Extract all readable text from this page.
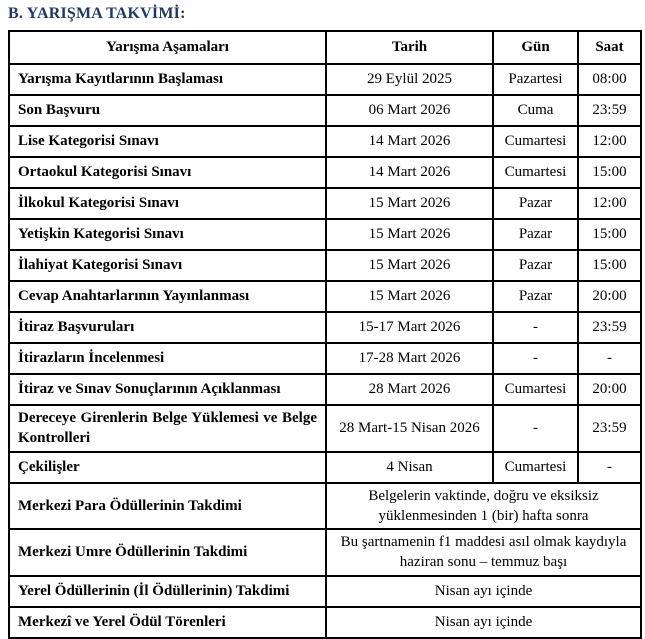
B. YARIŞMA TAKVİMİ:
Yarışma Aşamaları	Tarih	Gün	Saat
Yarışma Kayıtlarının Başlaması	29 Eylül 2025	Pazartesi	08:00
Son Başvuru	06 Mart 2026	Cuma	23:59
Lise Kategorisi Sınavı	14 Mart 2026	Cumartesi	12:00
Ortaokul Kategorisi Sınavı	14 Mart 2026	Cumartesi	15:00
İlkokul Kategorisi Sınavı	15 Mart 2026	Pazar	12:00
Yetişkin Kategorisi Sınavı	15 Mart 2026	Pazar	15:00
İlahiyat Kategorisi Sınavı	15 Mart 2026	Pazar	15:00
Cevap Anahtarlarının Yayınlanması	15 Mart 2026	Pazar	20:00
İtiraz Başvuruları	15-17 Mart 2026	-	23:59
İtirazların İncelenmesi	17-28 Mart 2026	-	-
İtiraz ve Sınav Sonuçlarının Açıklanması	28 Mart 2026	Cumartesi	20:00
Dereceye Girenlerin Belge Yüklemesi ve Belge Kontrolleri	28 Mart-15 Nisan 2026	-	23:59
Çekilişler	4 Nisan	Cumartesi	-
Merkezi Para Ödüllerinin Takdimi	Belgelerin vaktinde, doğru ve eksiksiz yüklenmesinden 1 (bir) hafta sonra		
Merkezi Umre Ödüllerinin Takdimi	Bu şartnamenin f1 maddesi asıl olmak kaydıyla haziran sonu – temmuz başı		
Yerel Ödüllerinin (İl Ödüllerinin) Takdimi	Nisan ayı içinde		
Merkezî ve Yerel Ödül Törenleri	Nisan ayı içinde		
